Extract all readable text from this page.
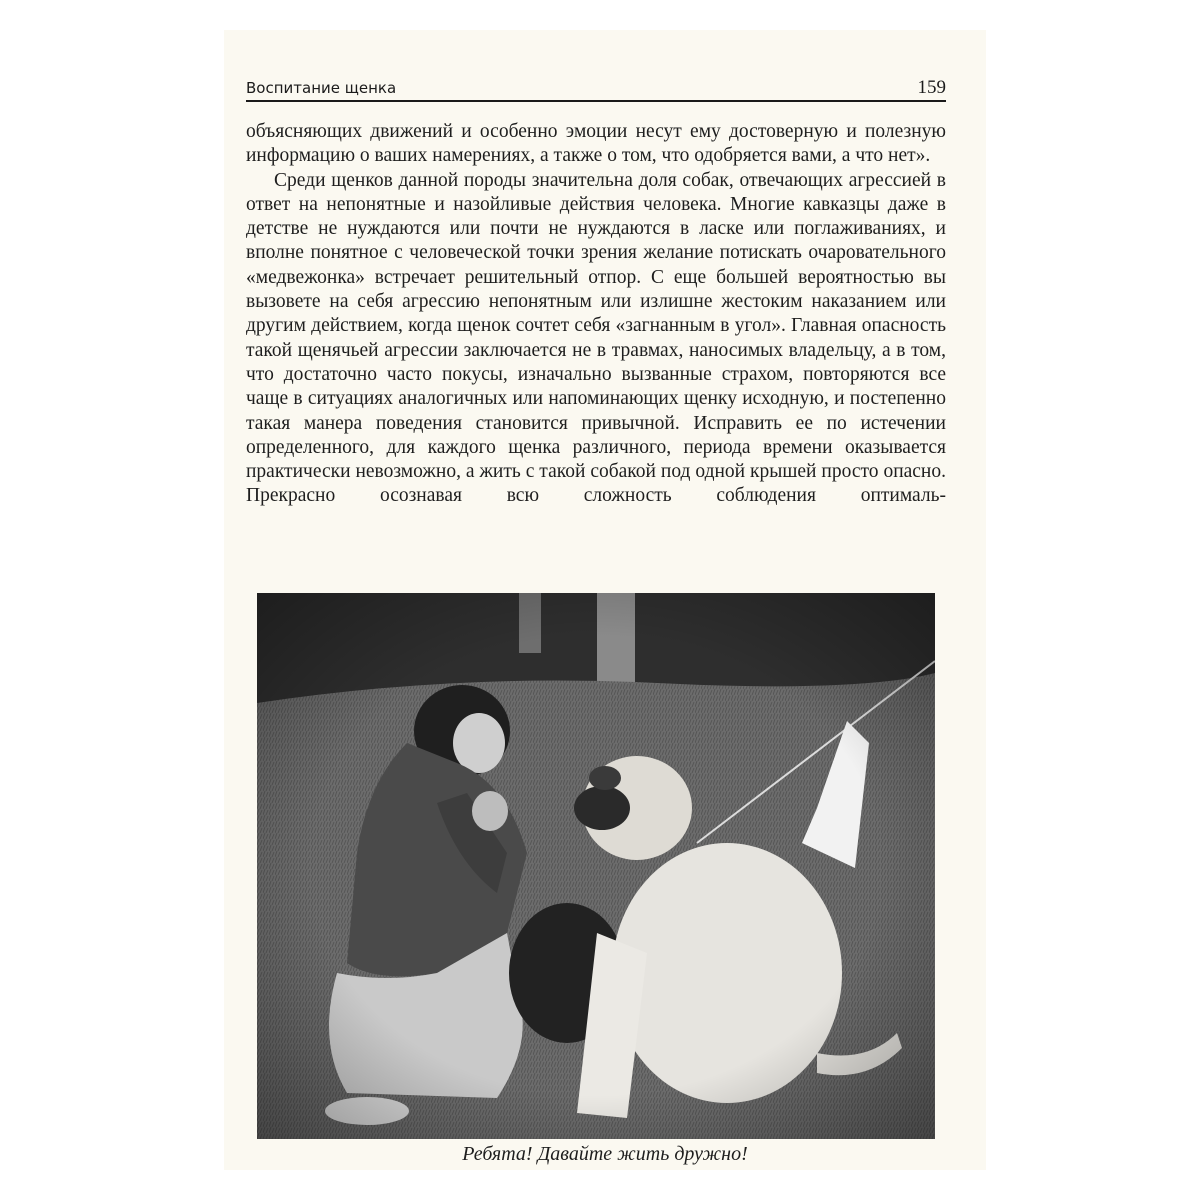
Воспитание щенка	159

объясняющих движений и особенно эмоции несут ему достоверную и полезную информацию о ваших намерениях, а также о том, что одобряется вами, а что нет».

Среди щенков данной породы значительна доля собак, отвечающих агрессией в ответ на непонятные и назойливые действия человека. Многие кавказцы даже в детстве не нуждаются или почти не нуждаются в ласке или поглаживаниях, и вполне понятное с человеческой точки зрения желание потискать очаровательного «медвежонка» встречает решительный отпор. С еще большей вероятностью вы вызовете на себя агрессию непонятным или излишне жестоким наказанием или другим действием, когда щенок сочтет себя «загнанным в угол». Главная опасность такой щенячьей агрессии заключается не в травмах, наносимых владельцу, а в том, что достаточно часто покусы, изначально вызванные страхом, повторяются все чаще в ситуациях аналогичных или напоминающих щенку исходную, и постепенно такая манера поведения становится привычной. Исправить ее по истечении определенного, для каждого щенка различного, периода времени оказывается практически невозможно, а жить с такой собакой под одной крышей просто опасно. Прекрасно осознавая всю сложность соблюдения оптималь-

Ребята! Давайте жить дружно!
